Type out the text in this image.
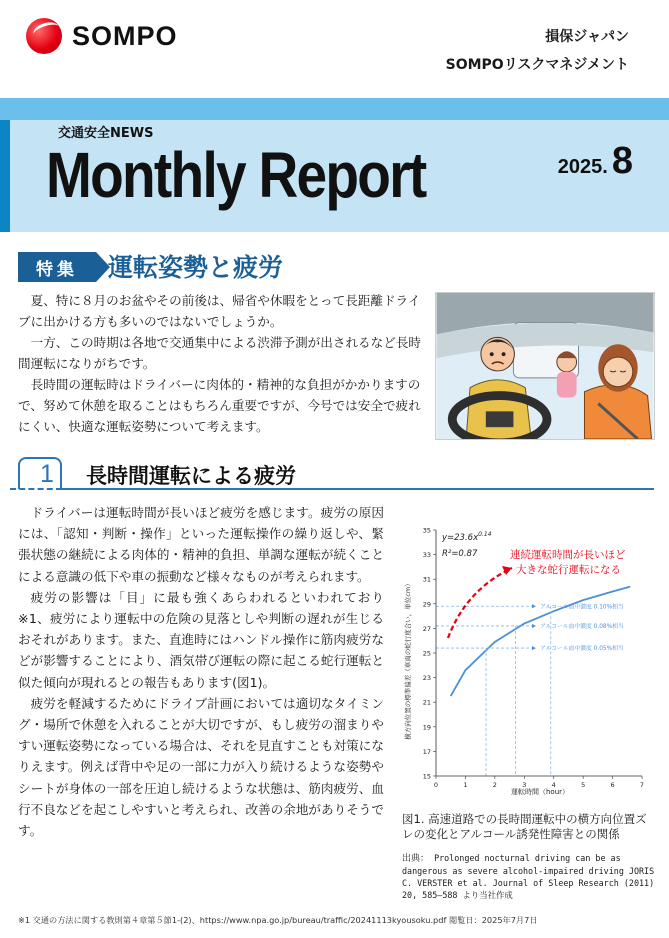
SOMPO	損保ジャパン
SOMPOリスクマネジメント
交通安全NEWS
Monthly Report	2025. 8
特集	運転姿勢と疲労

夏、特に８月のお盆やその前後は、帰省や休暇をとって長距離ドライブに出かける方も多いのではないでしょうか。

一方、この時期は各地で交通集中による渋滞予測が出されるなど長時間運転になりがちです。

長時間の運転時はドライバーに肉体的・精神的な負担がかかりますので、努めて休憩を取ることはもちろん重要ですが、今号では安全で疲れにくい、快適な運転姿勢について考えます。

1 長時間運転による疲労

ドライバーは運転時間が長いほど疲労を感じます。疲労の原因には、「認知・判断・操作」といった運転操作の繰り返しや、緊張状態の継続による肉体的・精神的負担、単調な運転が続くことによる意識の低下や車の振動など様々なものが考えられます。

疲労の影響は「目」に最も強くあらわれるといわれており※1、疲労により運転中の危険の見落としや判断の遅れが生じるおそれがあります。また、直進時にはハンドル操作に筋肉疲労などが影響することにより、酒気帯び運転の際に起こる蛇行運転と似た傾向が現れるとの報告もあります(図1)。

疲労を軽減するためにドライブ計画においては適切なタイミング・場所で休憩を入れることが大切ですが、もし疲労の溜まりやすい運転姿勢になっている場合は、それを見直すことも対策になりえます。例えば背中や足の一部に力が入り続けるような姿勢やシートが身体の一部を圧迫し続けるような状態は、筋肉疲労、血行不良などを起こしやすいと考えられ、改善の余地がありそうです。

アルコール血中濃度 0.05%相当
アルコール血中濃度 0.08%相当
アルコール血中濃度 0.10%相当
7
6
5
4
3
2
1
0
35
33
31
29
27
25
23
21
19
17
15
横方向位置の標準偏差（車両の蛇行度合い，単位cm）
運転時間（hour）
$y=23.6x^{0.14}$
R²=0.87	連続運転時間が長いほど
大きな蛇行運転になる
図1. 高速道路での長時間運転中の横方向位置ズレの変化とアルコール誘発性障害との関係
出典： Prolonged nocturnal driving can be as dangerous as severe alcohol-impaired driving JORIS C. VERSTER et al. Journal of Sleep Research (2011) 20, 585–588 より当社作成
※1 交通の方法に関する教則第４章第５節1-(2)、https://www.npa.go.jp/bureau/traffic/20241113kyousoku.pdf 閲覧日：2025年7月7日
